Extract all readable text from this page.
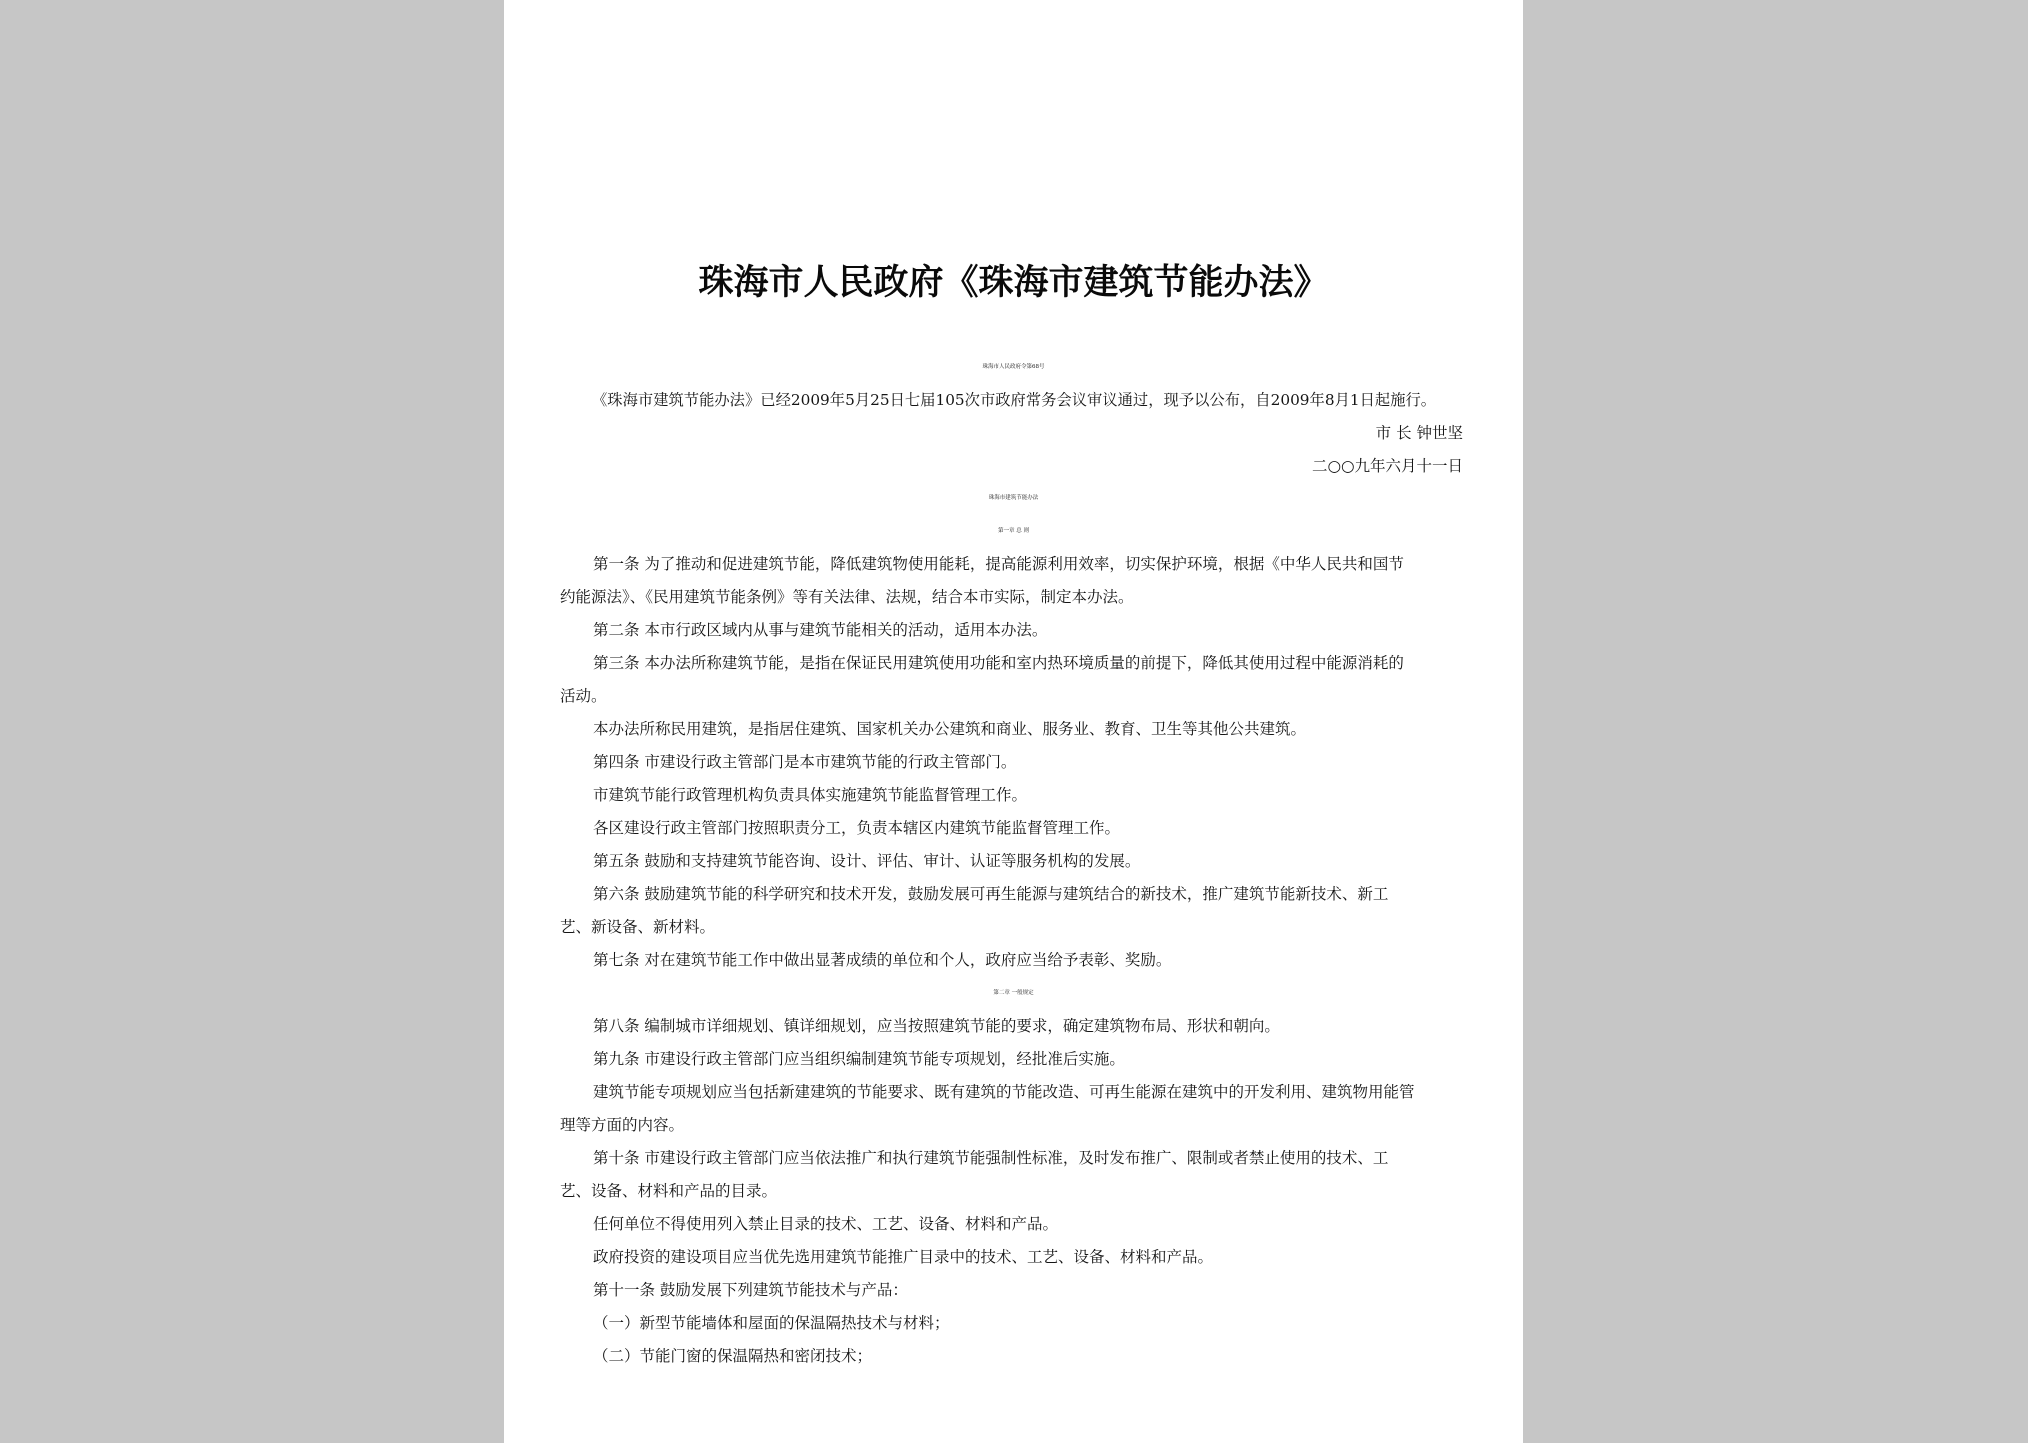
珠海市人民政府《珠海市建筑节能办法》
珠海市人民政府令第68号
《珠海市建筑节能办法》已经2009年5月25日七届105次市政府常务会议审议通过，现予以公布，自2009年8月1日起施行。
市 长 钟世坚
二○○九年六月十一日
珠海市建筑节能办法
第一章 总 则
第一条 为了推动和促进建筑节能，降低建筑物使用能耗，提高能源利用效率，切实保护环境，根据《中华人民共和国节
约能源法》、《民用建筑节能条例》等有关法律、法规，结合本市实际，制定本办法。
第二条 本市行政区域内从事与建筑节能相关的活动，适用本办法。
第三条 本办法所称建筑节能，是指在保证民用建筑使用功能和室内热环境质量的前提下，降低其使用过程中能源消耗的
活动。
本办法所称民用建筑，是指居住建筑、国家机关办公建筑和商业、服务业、教育、卫生等其他公共建筑。
第四条 市建设行政主管部门是本市建筑节能的行政主管部门。
市建筑节能行政管理机构负责具体实施建筑节能监督管理工作。
各区建设行政主管部门按照职责分工，负责本辖区内建筑节能监督管理工作。
第五条 鼓励和支持建筑节能咨询、设计、评估、审计、认证等服务机构的发展。
第六条 鼓励建筑节能的科学研究和技术开发，鼓励发展可再生能源与建筑结合的新技术，推广建筑节能新技术、新工
艺、新设备、新材料。
第七条 对在建筑节能工作中做出显著成绩的单位和个人，政府应当给予表彰、奖励。
第二章 一般规定
第八条 编制城市详细规划、镇详细规划，应当按照建筑节能的要求，确定建筑物布局、形状和朝向。
第九条 市建设行政主管部门应当组织编制建筑节能专项规划，经批准后实施。
建筑节能专项规划应当包括新建建筑的节能要求、既有建筑的节能改造、可再生能源在建筑中的开发利用、建筑物用能管
理等方面的内容。
第十条 市建设行政主管部门应当依法推广和执行建筑节能强制性标准，及时发布推广、限制或者禁止使用的技术、工
艺、设备、材料和产品的目录。
任何单位不得使用列入禁止目录的技术、工艺、设备、材料和产品。
政府投资的建设项目应当优先选用建筑节能推广目录中的技术、工艺、设备、材料和产品。
第十一条 鼓励发展下列建筑节能技术与产品：
（一）新型节能墙体和屋面的保温隔热技术与材料；
（二）节能门窗的保温隔热和密闭技术；
